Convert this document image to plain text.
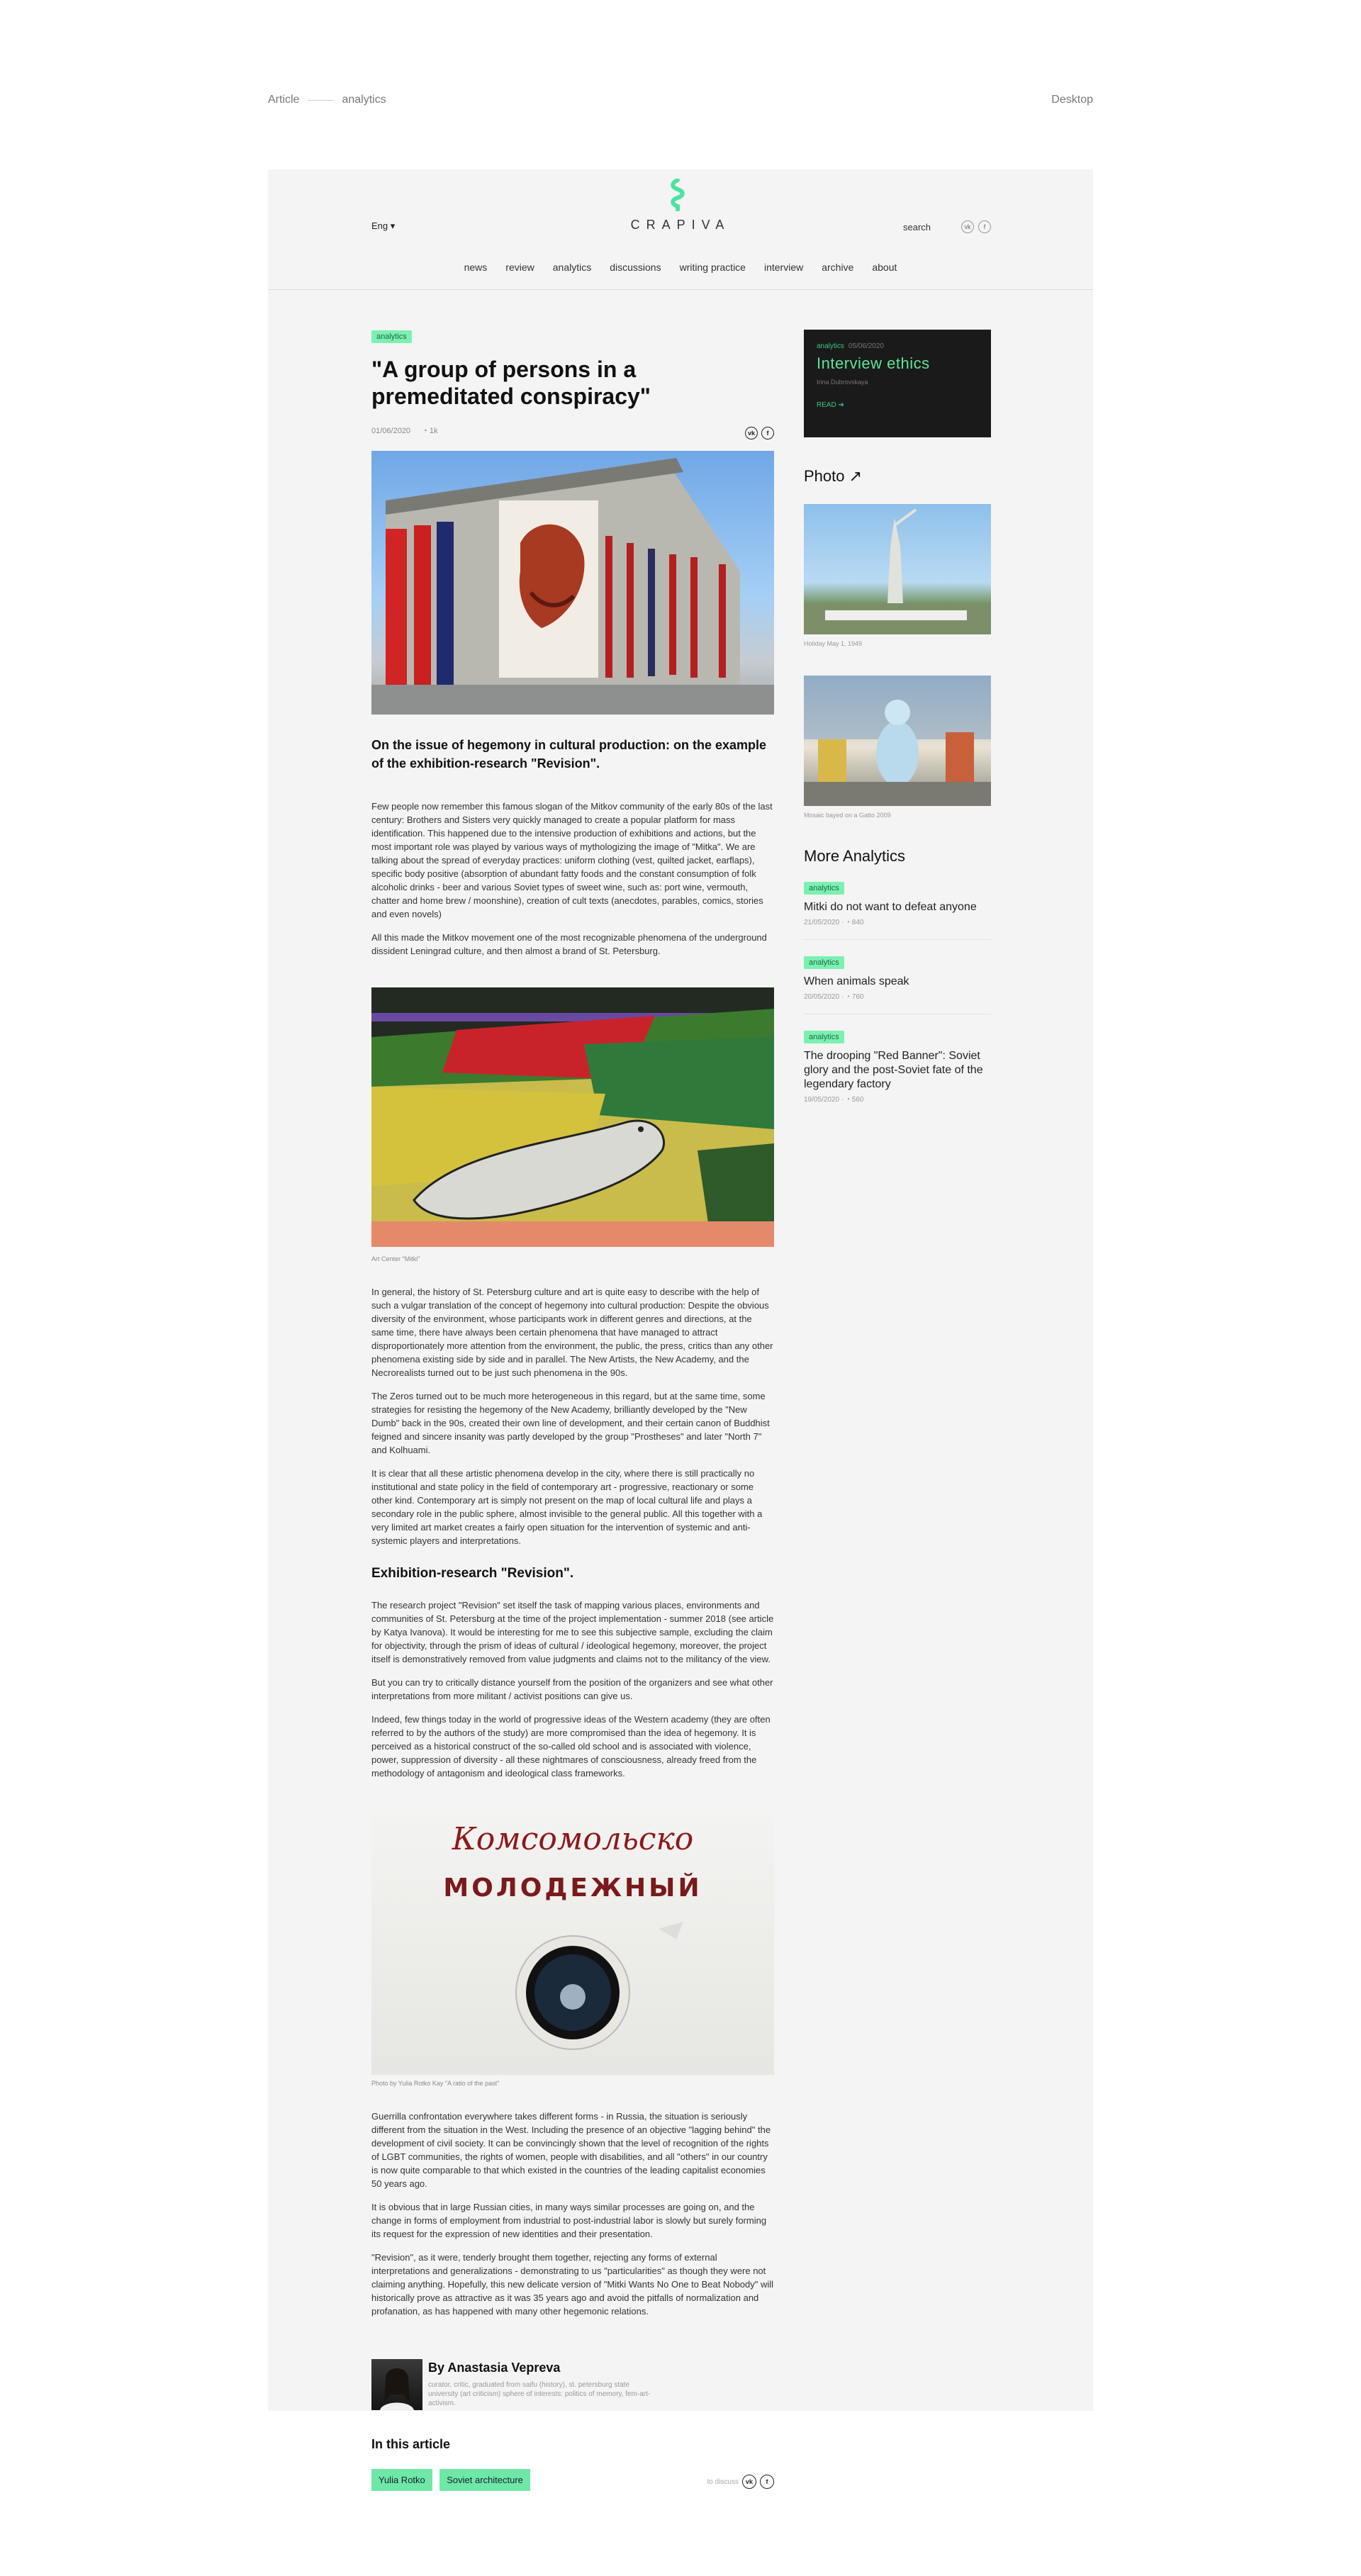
Article	analytics	Desktop
Eng ▾	CRAPIVA	search	vk	f
news review analytics discussions writing practice interview archive about
analytics
"A group of persons in a premeditated conspiracy"
01/06/2020 ◔ 1k	vk	f

On the issue of hegemony in cultural production: on the example of the exhibition-research "Revision".

Few people now remember this famous slogan of the Mitkov community of the early 80s of the last century: Brothers and Sisters very quickly managed to create a popular platform for mass identification. This happened due to the intensive production of exhibitions and actions, but the most important role was played by various ways of mythologizing the image of "Mitka". We are talking about the spread of everyday practices: uniform clothing (vest, quilted jacket, earflaps), specific body positive (absorption of abundant fatty foods and the constant consumption of folk alcoholic drinks - beer and various Soviet types of sweet wine, such as: port wine, vermouth, chatter and home brew / moonshine), creation of cult texts (anecdotes, parables, comics, stories and even novels)

All this made the Mitkov movement one of the most recognizable phenomena of the underground dissident Leningrad culture, and then almost a brand of St. Petersburg.

Art Center "Mitki"

In general, the history of St. Petersburg culture and art is quite easy to describe with the help of such a vulgar translation of the concept of hegemony into cultural production: Despite the obvious diversity of the environment, whose participants work in different genres and directions, at the same time, there have always been certain phenomena that have managed to attract disproportionately more attention from the environment, the public, the press, critics than any other phenomena existing side by side and in parallel. The New Artists, the New Academy, and the Necrorealists turned out to be just such phenomena in the 90s.

The Zeros turned out to be much more heterogeneous in this regard, but at the same time, some strategies for resisting the hegemony of the New Academy, brilliantly developed by the "New Dumb" back in the 90s, created their own line of development, and their certain canon of Buddhist feigned and sincere insanity was partly developed by the group "Prostheses" and later "North 7" and Kolhuami.

It is clear that all these artistic phenomena develop in the city, where there is still practically no institutional and state policy in the field of contemporary art - progressive, reactionary or some other kind. Contemporary art is simply not present on the map of local cultural life and plays a secondary role in the public sphere, almost invisible to the general public. All this together with a very limited art market creates a fairly open situation for the intervention of systemic and anti-systemic players and interpretations.

Exhibition-research "Revision".

The research project "Revision" set itself the task of mapping various places, environments and communities of St. Petersburg at the time of the project implementation - summer 2018 (see article by Katya Ivanova). It would be interesting for me to see this subjective sample, excluding the claim for objectivity, through the prism of ideas of cultural / ideological hegemony, moreover, the project itself is demonstratively removed from value judgments and claims not to the militancy of the view.

But you can try to critically distance yourself from the position of the organizers and see what other interpretations from more militant / activist positions can give us.

Indeed, few things today in the world of progressive ideas of the Western academy (they are often referred to by the authors of the study) are more compromised than the idea of hegemony. It is perceived as a historical construct of the so-called old school and is associated with violence, power, suppression of diversity - all these nightmares of consciousness, already freed from the methodology of antagonism and ideological class frameworks.

Комсомольско
МОЛОДЕЖНЫЙ
Photo by Yulia Rotko Kay "A ratio of the past"

Guerrilla confrontation everywhere takes different forms - in Russia, the situation is seriously different from the situation in the West. Including the presence of an objective "lagging behind" the development of civil society. It can be convincingly shown that the level of recognition of the rights of LGBT communities, the rights of women, people with disabilities, and all "others" in our country is now quite comparable to that which existed in the countries of the leading capitalist economies 50 years ago.

It is obvious that in large Russian cities, in many ways similar processes are going on, and the change in forms of employment from industrial to post-industrial labor is slowly but surely forming its request for the expression of new identities and their presentation.

"Revision", as it were, tenderly brought them together, rejecting any forms of external interpretations and generalizations - demonstrating to us "particularities" as though they were not claiming anything. Hopefully, this new delicate version of "Mitki Wants No One to Beat Nobody" will historically prove as attractive as it was 35 years ago and avoid the pitfalls of normalization and profanation, as has happened with many other hegemonic relations.

By Anastasia Vepreva
curator, critic, graduated from saifu (history), st. petersburg state university (art criticism) sphere of interests: politics of memory, fem-art-activism.
In this article
Yulia Rotko Soviet architecture	to discuss	vk	f
analytics 05/06/2020
Interview ethics
Irina Dubrovskaya
READ ➔
Photo ↗
Holiday May 1, 1949
Mosaic bayed on a Gatto 2009
More Analytics
analytics
Mitki do not want to defeat anyone
21/05/2020 · ◔ 840
analytics
When animals speak
20/05/2020 · ◔ 760
analytics
The drooping "Red Banner": Soviet glory and the post-Soviet fate of the legendary factory
19/05/2020 · ◔ 560
